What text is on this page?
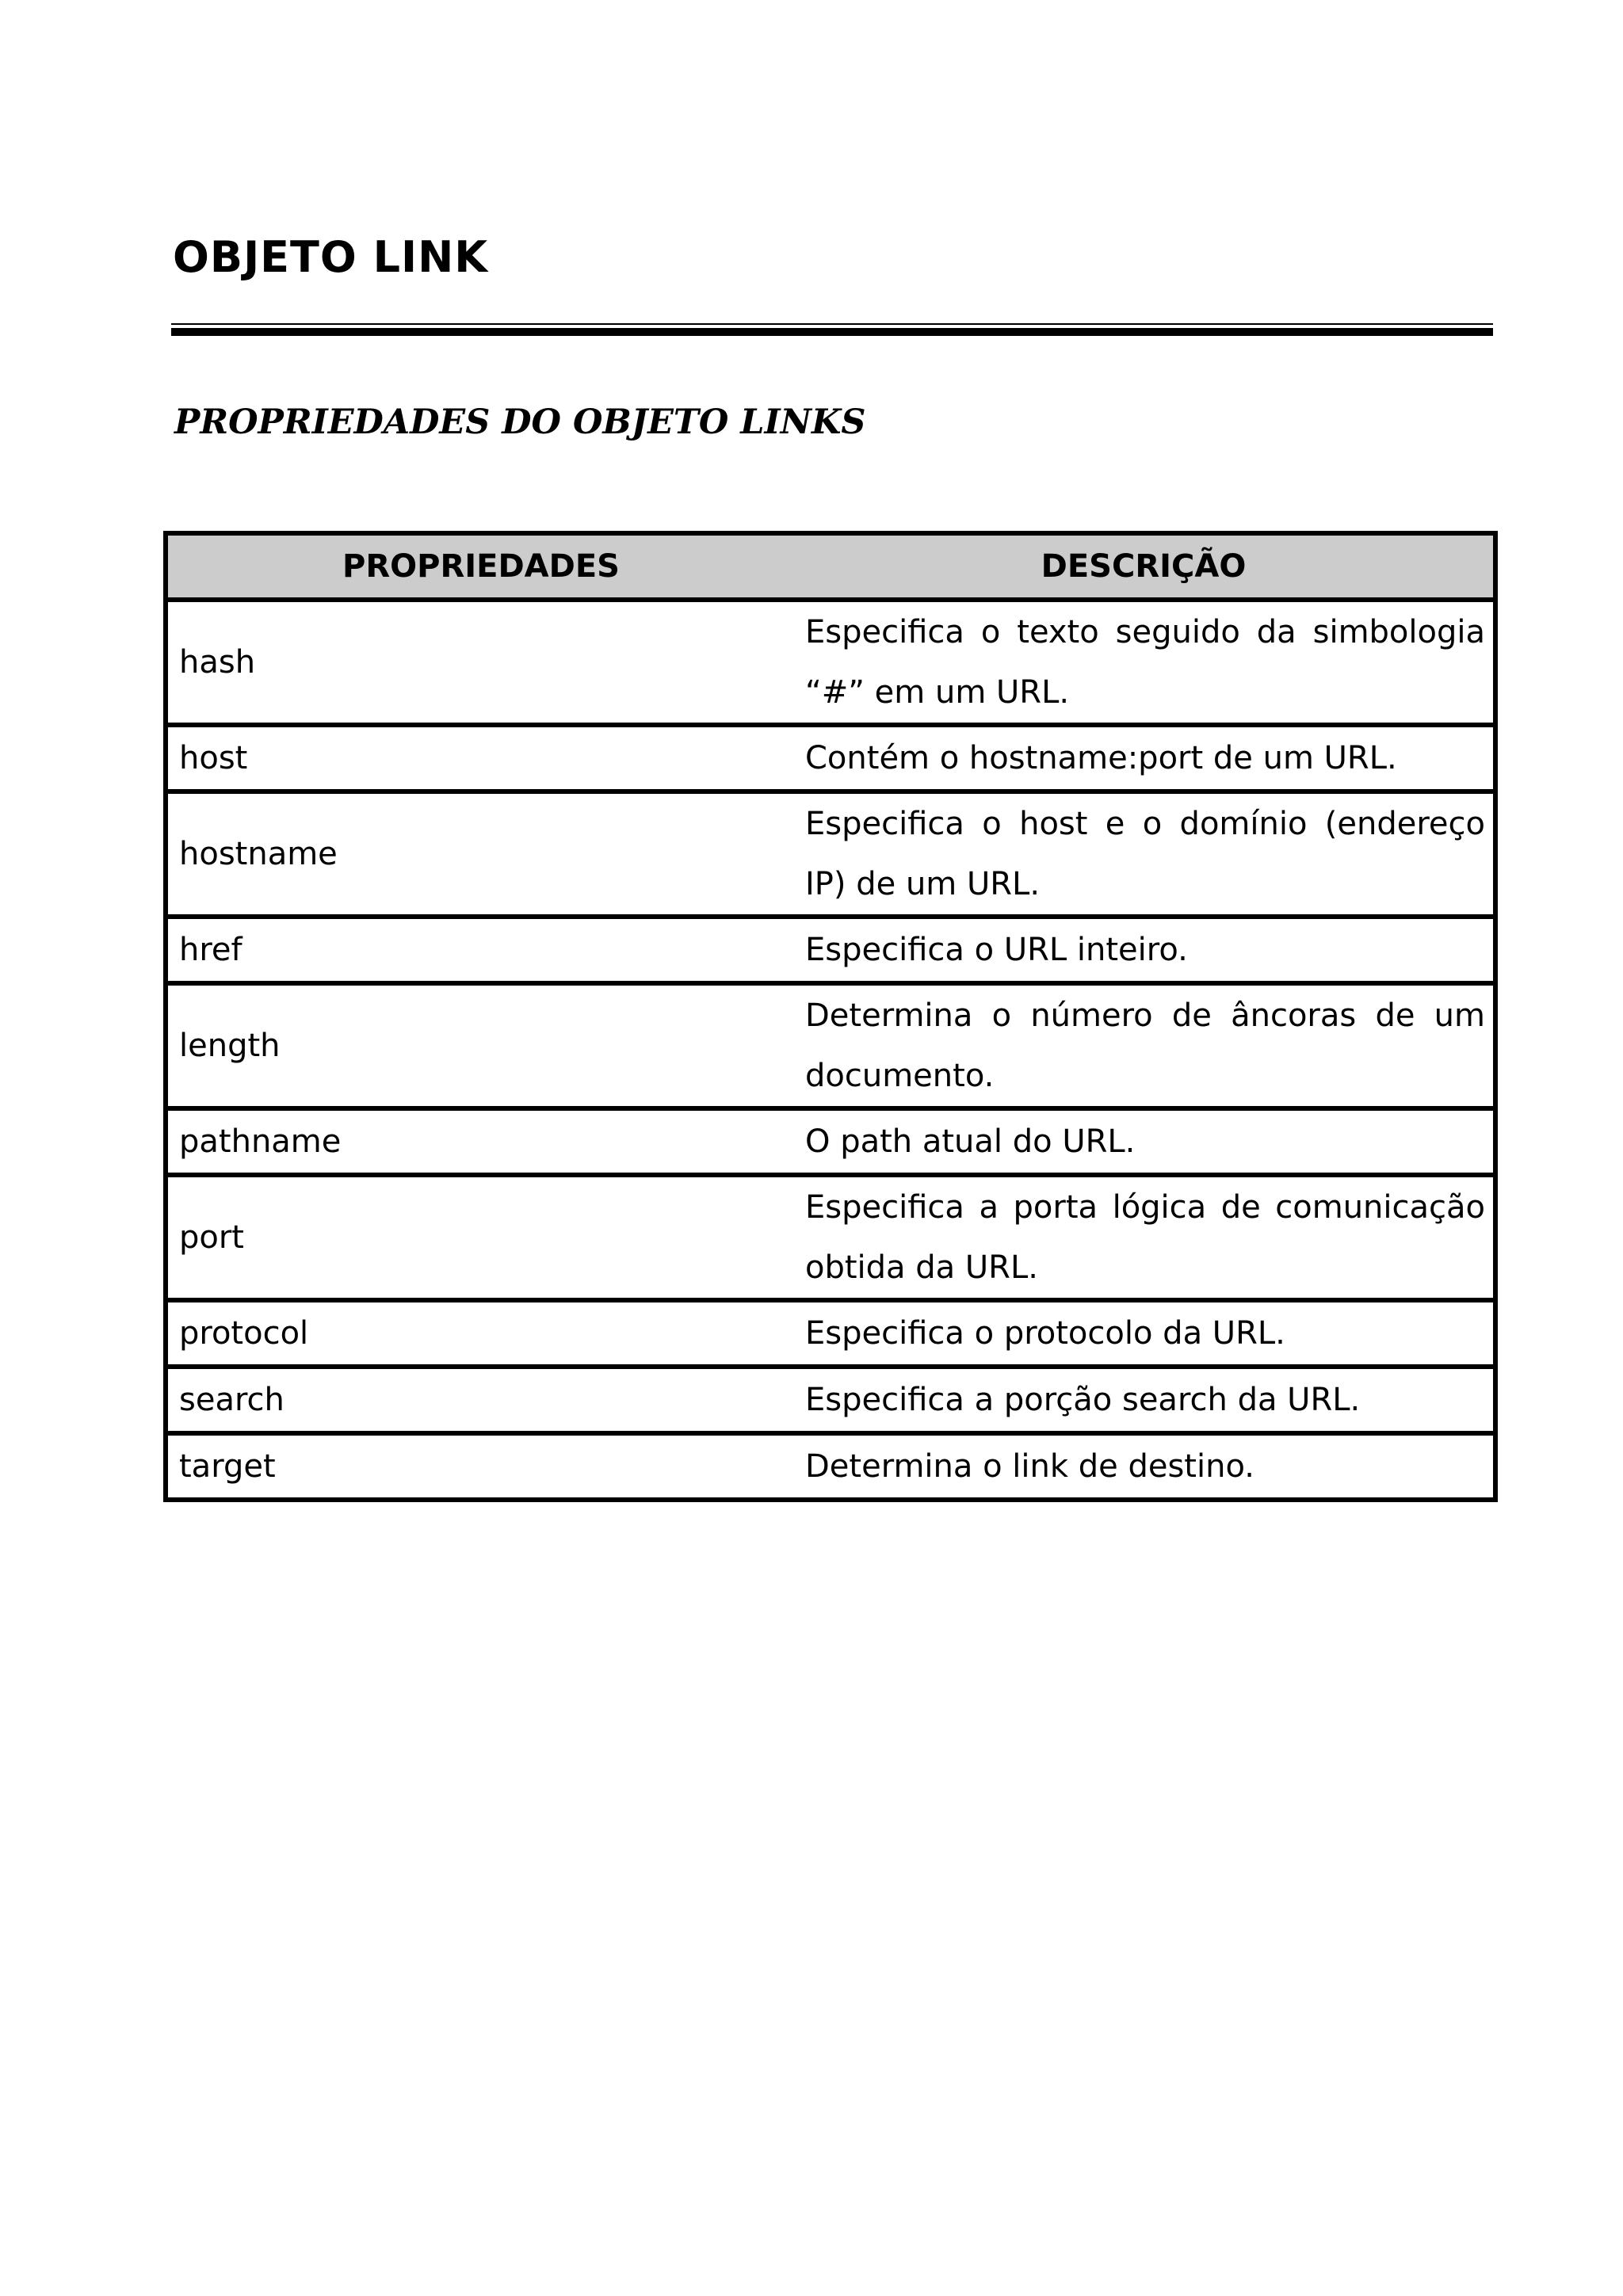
OBJETO LINK
PROPRIEDADES DO OBJETO LINKS
PROPRIEDADES	DESCRIÇÃO
hash	Especifica o texto seguido da simbologia “#” em um URL.
host	Contém o hostname:port de um URL.
hostname	Especifica o host e o domínio (endereço IP) de um URL.
href	Especifica o URL inteiro.
length	Determina o número de âncoras de um documento.
pathname	O path atual do URL.
port	Especifica a porta lógica de comunicação obtida da URL.
protocol	Especifica o protocolo da URL.
search	Especifica a porção search da URL.
target	Determina o link de destino.
